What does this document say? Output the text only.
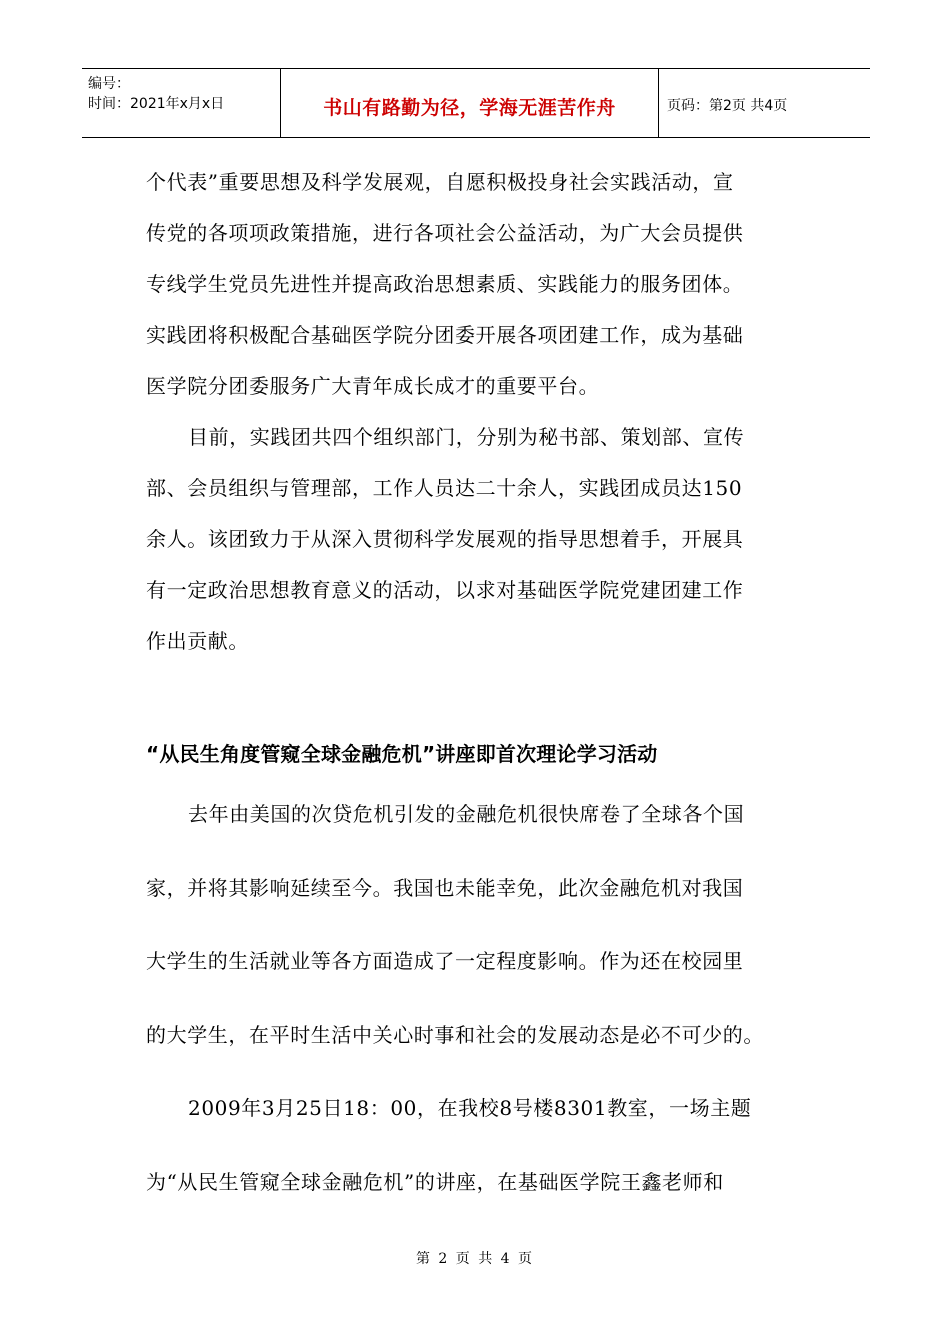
编号：
时间：2021年x月x日	书山有路勤为径，学海无涯苦作舟	页码：第2页 共4页
个代表”重要思想及科学发展观，自愿积极投身社会实践活动，宣
传党的各项项政策措施，进行各项社会公益活动，为广大会员提供
专线学生党员先进性并提高政治思想素质、实践能力的服务团体。
实践团将积极配合基础医学院分团委开展各项团建工作，成为基础
医学院分团委服务广大青年成长成才的重要平台。
目前，实践团共四个组织部门，分别为秘书部、策划部、宣传
部、会员组织与管理部，工作人员达二十余人，实践团成员达150
余人。该团致力于从深入贯彻科学发展观的指导思想着手，开展具
有一定政治思想教育意义的活动，以求对基础医学院党建团建工作
作出贡献。
“从民生角度管窥全球金融危机”讲座即首次理论学习活动
去年由美国的次贷危机引发的金融危机很快席卷了全球各个国
家，并将其影响延续至今。我国也未能幸免，此次金融危机对我国
大学生的生活就业等各方面造成了一定程度影响。作为还在校园里
的大学生，在平时生活中关心时事和社会的发展动态是必不可少的。
2009年3月25日18：00，在我校8号楼8301教室，一场主题
为“从民生管窥全球金融危机”的讲座，在基础医学院王鑫老师和
第 2 页 共 4 页
